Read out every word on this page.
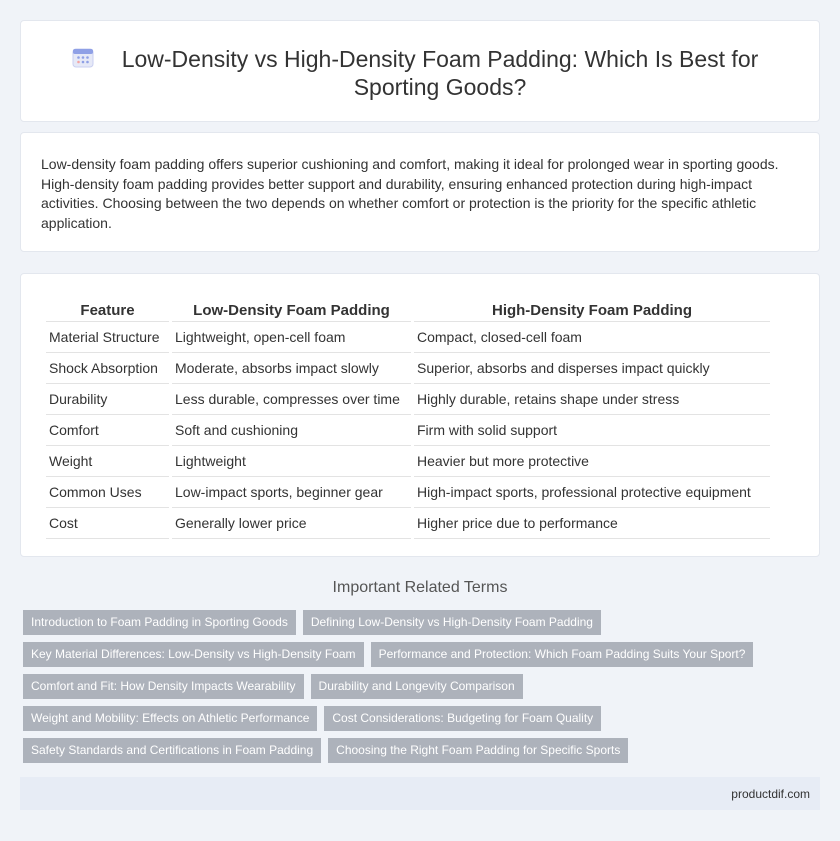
Low-Density vs High-Density Foam Padding: Which Is Best for Sporting Goods?

Low-density foam padding offers superior cushioning and comfort, making it ideal for prolonged wear in sporting goods. High-density foam padding provides better support and durability, ensuring enhanced protection during high-impact activities. Choosing between the two depends on whether comfort or protection is the priority for the specific athletic application.

Feature	Low-Density Foam Padding	High-Density Foam Padding
Material Structure	Lightweight, open-cell foam	Compact, closed-cell foam
Shock Absorption	Moderate, absorbs impact slowly	Superior, absorbs and disperses impact quickly
Durability	Less durable, compresses over time	Highly durable, retains shape under stress
Comfort	Soft and cushioning	Firm with solid support
Weight	Lightweight	Heavier but more protective
Common Uses	Low-impact sports, beginner gear	High-impact sports, professional protective equipment
Cost	Generally lower price	Higher price due to performance
Important Related Terms
Introduction to Foam Padding in Sporting Goods	Defining Low-Density vs High-Density Foam Padding
Key Material Differences: Low-Density vs High-Density Foam	Performance and Protection: Which Foam Padding Suits Your Sport?
Comfort and Fit: How Density Impacts Wearability	Durability and Longevity Comparison
Weight and Mobility: Effects on Athletic Performance	Cost Considerations: Budgeting for Foam Quality
Safety Standards and Certifications in Foam Padding	Choosing the Right Foam Padding for Specific Sports
productdif.com
